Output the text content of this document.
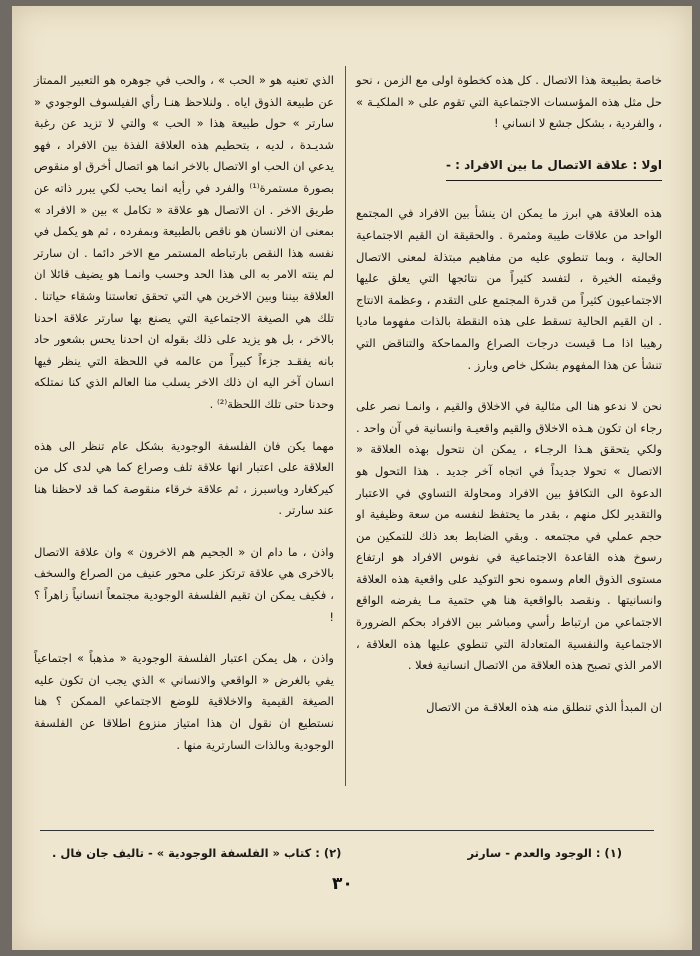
خاصة بطبيعة هذا الاتصال . كل هذه كخطوة اولى مع الزمن ، نحو حل مثل هذه المؤسسات الاجتماعية التي تقوم على « الملكيـة » ، والفردية ، بشكل جشع لا انساني !

اولا : علاقة الاتصال ما بين الافراد : -

هذه العلاقة هي ابرز ما يمكن ان ينشأ بين الافراد في المجتمع الواحد من علاقات طيبة ومثمرة . والحقيقة ان القيم الاجتماعية الحالية ، وبما تنطوي عليه من مفاهيم مبتذلة لمعنى الاتصال وقيمته الخيرة ، لتفسد كثيراً من نتائجها التي يعلق عليها الاجتماعيون كثيراً من قدرة المجتمع على التقدم ، وعظمة الانتاج . ان القيم الحالية تسقط على هذه النقطة بالذات مفهوما ماديا رهيبا اذا مـا قيست درجات الصراع والمماحكة والتناقض التي تنشأ عن هذا المفهوم بشكل خاص وبارز .

نحن لا ندعو هنا الى مثالية في الاخلاق والقيم ، وانمـا نصر على رجاء ان تكون هـذه الاخلاق والقيم واقعيـة وانسانية في آن واحد . ولكي يتحقق هـذا الرجـاء ، يمكن ان نتحول بهذه العلاقة « الاتصال » تحولا جديداً في اتجاه آخر جديد . هذا التحول هو الدعوة الى التكافؤ بين الافراد ومحاولة التساوي في الاعتبار والتقدير لكل منهم ، بقدر ما يحتفظ لنفسه من سعة وظيفية او حجم عملي في مجتمعه . وبقي الضابط بعد ذلك للتمكين من رسوخ هذه القاعدة الاجتماعية في نفوس الافراد هو ارتفاع مستوى الذوق العام وسموه نحو التوكيد على واقعية هذه العلاقة وانسانيتها . ونقصد بالواقعية هنا هي حتمية مـا يفرضه الواقع الاجتماعي من ارتباط رأسي ومباشر بين الافراد بحكم الضرورة الاجتماعية والنفسية المتعادلة التي تنطوي عليها هذه العلاقة ، الامر الذي تصبح هذه العلاقة من الاتصال انسانية فعلا .

ان المبدأ الذي تنطلق منه هذه العلاقـة من الاتصال

الذي تعنيه هو « الحب » ، والحب في جوهره هو التعبير الممتاز عن طبيعة الذوق اياه . ولنلاحظ هنـا رأي الفيلسوف الوجودي « سارتر » حول طبيعة هذا « الحب » والتي لا تزيد عن رغبة شديـدة ، لديه ، بتحطيم هذه العلاقة الفذة بين الافراد ، فهو يدعي ان الحب او الاتصال بالاخر انما هو اتصال أخرق او منقوص بصورة مستمرة⁽¹⁾ والفرد في رأيه انما يحب لكي يبرر ذاته عن طريق الاخر . ان الاتصال هو علاقة « تكامل » بين « الافراد » بمعنى ان الانسان هو ناقص بالطبيعة وبمفرده ، ثم هو يكمل في نفسه هذا النقص بارتباطه المستمر مع الاخر دائما . ان سارتر لم ينته الامر به الى هذا الحد وحسب وانمـا هو يضيف قائلا ان العلاقة بيننا وبين الاخرين هي التي تحقق تعاستنا وشقاء حياتنا . تلك هي الصيغة الاجتماعية التي يصنع بها سارتر علاقة احدنا بالاخر ، بل هو يزيد على ذلك بقوله ان احدنا يحس بشعور حاد بانه يفقـد جزءاً كبيراً من عالمه في اللحظة التي ينظر فيها انسان آخر اليه ان ذلك الاخر يسلب منا العالم الذي كنا نمتلكه وحدنا حتى تلك اللحظة⁽²⁾ .

مهما يكن فان الفلسفة الوجودية بشكل عام تنظر الى هذه العلاقة على اعتبار انها علاقة تلف وصراع كما هي لدى كل من كيركغارد وياسبرز ، ثم علاقة خرقاء منقوصة كما قد لاحظنا هنا عند سارتر .

واذن ، ما دام ان « الجحيم هم الاخرون » وان علاقة الاتصال بالاخرى هي علاقة ترتكز على محور عنيف من الصراع والسخف ، فكيف يمكن ان تقيم الفلسفة الوجودية مجتمعاً انسانياً زاهراً ؟ !

واذن ، هل يمكن اعتبار الفلسفة الوجودية « مذهباً » اجتماعياً يفي بالغرض « الواقعي والانساني » الذي يجب ان تكون عليه الصيغة القيمية والاخلاقية للوضع الاجتماعي الممكن ؟ هنا نستطيع ان نقول ان هذا امتياز منزوع اطلاقا عن الفلسفة الوجودية وبالذات السارترية منها .

(١) : الوجود والعدم - سارتر
(٢) : كتاب « الفلسفة الوجودية » - تاليف جان فال .
٣٠
